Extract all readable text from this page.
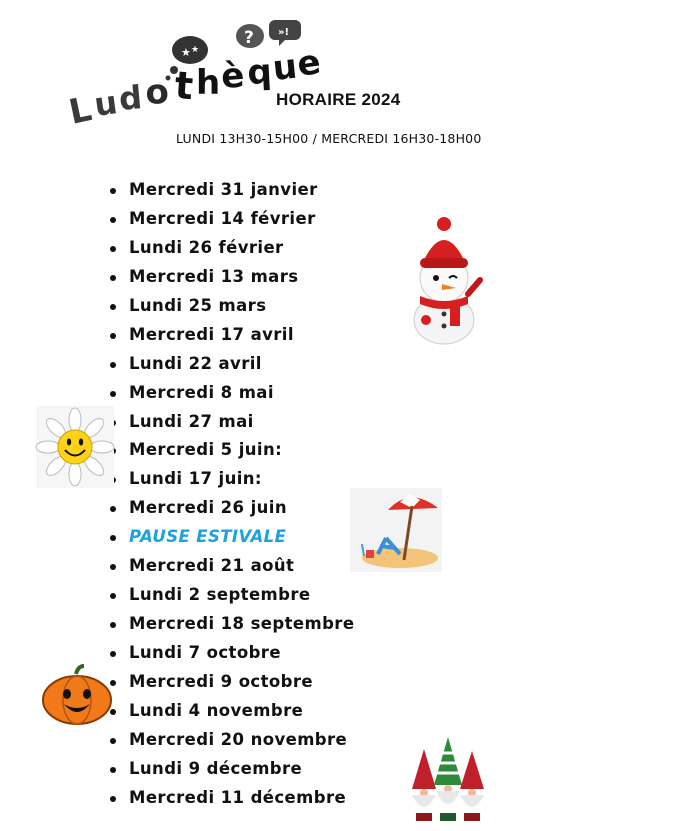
★ ★
? »!
L
u
d o t h è q
u
e
HORAIRE 2024
LUNDI 13H30-15H00 / MERCREDI 16H30-18H00
Mercredi 31 janvier
Mercredi 14 février
Lundi 26 février
Mercredi 13 mars
Lundi 25 mars
Mercredi 17 avril
Lundi 22 avril
Mercredi 8 mai
Lundi 27 mai
Mercredi 5 juin:
Lundi 17 juin:
Mercredi 26 juin
PAUSE ESTIVALE
Mercredi 21 août
Lundi 2 septembre
Mercredi 18 septembre
Lundi 7 octobre
Mercredi 9 octobre
Lundi 4 novembre
Mercredi 20 novembre
Lundi 9 décembre
Mercredi 11 décembre
